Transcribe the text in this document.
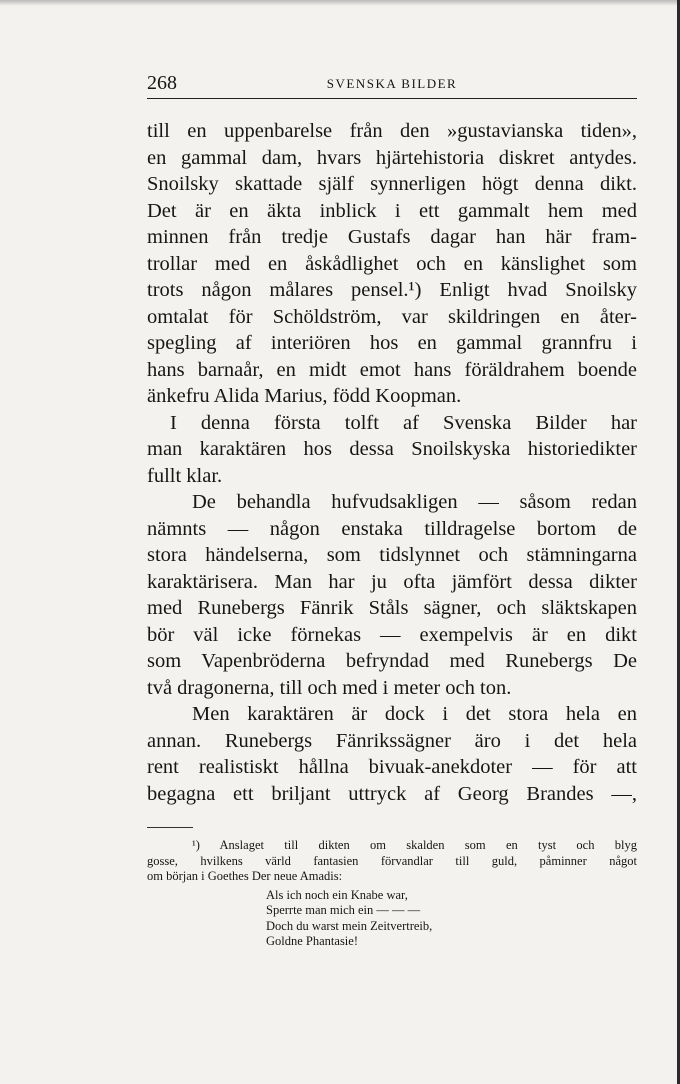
268	SVENSKA BILDER
till en uppenbarelse från den »gustavianska tiden»,
en gammal dam, hvars hjärtehistoria diskret antydes.
Snoilsky skattade själf synnerligen högt denna dikt.
Det är en äkta inblick i ett gammalt hem med
minnen från tredje Gustafs dagar han här fram-
trollar med en åskådlighet och en känslighet som
trots någon målares pensel.¹) Enligt hvad Snoilsky
omtalat för Schöldström, var skildringen en åter-
spegling af interiören hos en gammal grannfru i
hans barnaår, en midt emot hans föräldrahem boende
änkefru Alida Marius, född Koopman.
I denna första tolft af Svenska Bilder har
man karaktären hos dessa Snoilskyska historiedikter
fullt klar.
De behandla hufvudsakligen — såsom redan
nämnts — någon enstaka tilldragelse bortom de
stora händelserna, som tidslynnet och stämningarna
karaktärisera. Man har ju ofta jämfört dessa dikter
med Runebergs Fänrik Ståls sägner, och släktskapen
bör väl icke förnekas — exempelvis är en dikt
som Vapenbröderna befryndad med Runebergs De
två dragonerna, till och med i meter och ton.
Men karaktären är dock i det stora hela en
annan. Runebergs Fänrikssägner äro i det hela
rent realistiskt hållna bivuak-anekdoter — för att
begagna ett briljant uttryck af Georg Brandes —,
¹) Anslaget till dikten om skalden som en tyst och blyg
gosse, hvilkens värld fantasien förvandlar till guld, påminner något
om början i Goethes Der neue Amadis:
Als ich noch ein Knabe war,
Sperrte man mich ein — — —
Doch du warst mein Zeitvertreib,
Goldne Phantasie!
